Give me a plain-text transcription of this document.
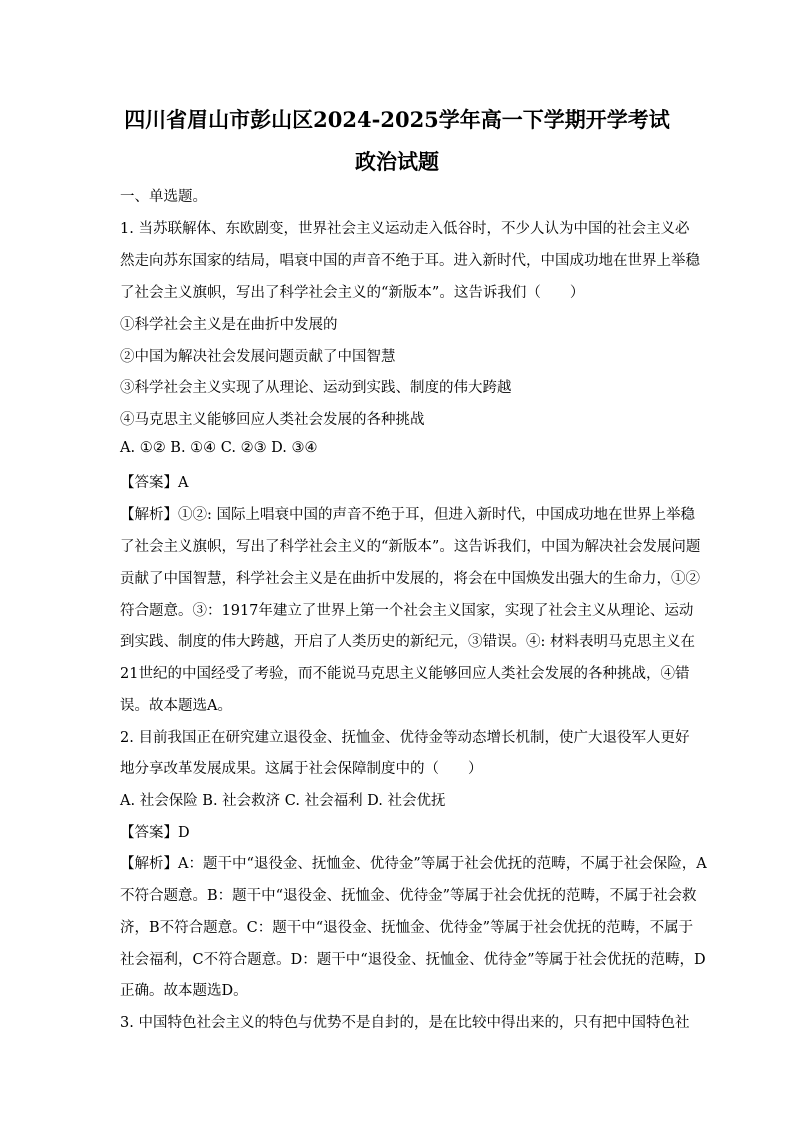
四川省眉山市彭山区2024-2025学年高一下学期开学考试
政治试题
一、单选题。
1. 当苏联解体、东欧剧变，世界社会主义运动走入低谷时，不少人认为中国的社会主义必
然走向苏东国家的结局，唱衰中国的声音不绝于耳。进入新时代，中国成功地在世界上举稳
了社会主义旗帜，写出了科学社会主义的“新版本”。这告诉我们（　　）
①科学社会主义是在曲折中发展的
②中国为解决社会发展问题贡献了中国智慧
③科学社会主义实现了从理论、运动到实践、制度的伟大跨越
④马克思主义能够回应人类社会发展的各种挑战
A. ①② B. ①④ C. ②③ D. ③④
【答案】A
【解析】①②: 国际上唱衰中国的声音不绝于耳，但进入新时代，中国成功地在世界上举稳
了社会主义旗帜，写出了科学社会主义的“新版本”。这告诉我们，中国为解决社会发展问题
贡献了中国智慧，科学社会主义是在曲折中发展的，将会在中国焕发出强大的生命力，①②
符合题意。③：1917年建立了世界上第一个社会主义国家，实现了社会主义从理论、运动
到实践、制度的伟大跨越，开启了人类历史的新纪元，③错误。④: 材料表明马克思主义在
21世纪的中国经受了考验，而不能说马克思主义能够回应人类社会发展的各种挑战，④错
误。故本题选A。
2. 目前我国正在研究建立退役金、抚恤金、优待金等动态增长机制，使广大退役军人更好
地分享改革发展成果。这属于社会保障制度中的（　　）
A. 社会保险 B. 社会救济 C. 社会福利 D. 社会优抚
【答案】D
【解析】A：题干中“退役金、抚恤金、优待金”等属于社会优抚的范畴，不属于社会保险，A
不符合题意。B：题干中“退役金、抚恤金、优待金”等属于社会优抚的范畴，不属于社会救
济，B不符合题意。C：题干中“退役金、抚恤金、优待金”等属于社会优抚的范畴，不属于
社会福利，C不符合题意。D：题干中“退役金、抚恤金、优待金”等属于社会优抚的范畴，D
正确。故本题选D。
3. 中国特色社会主义的特色与优势不是自封的，是在比较中得出来的，只有把中国特色社
